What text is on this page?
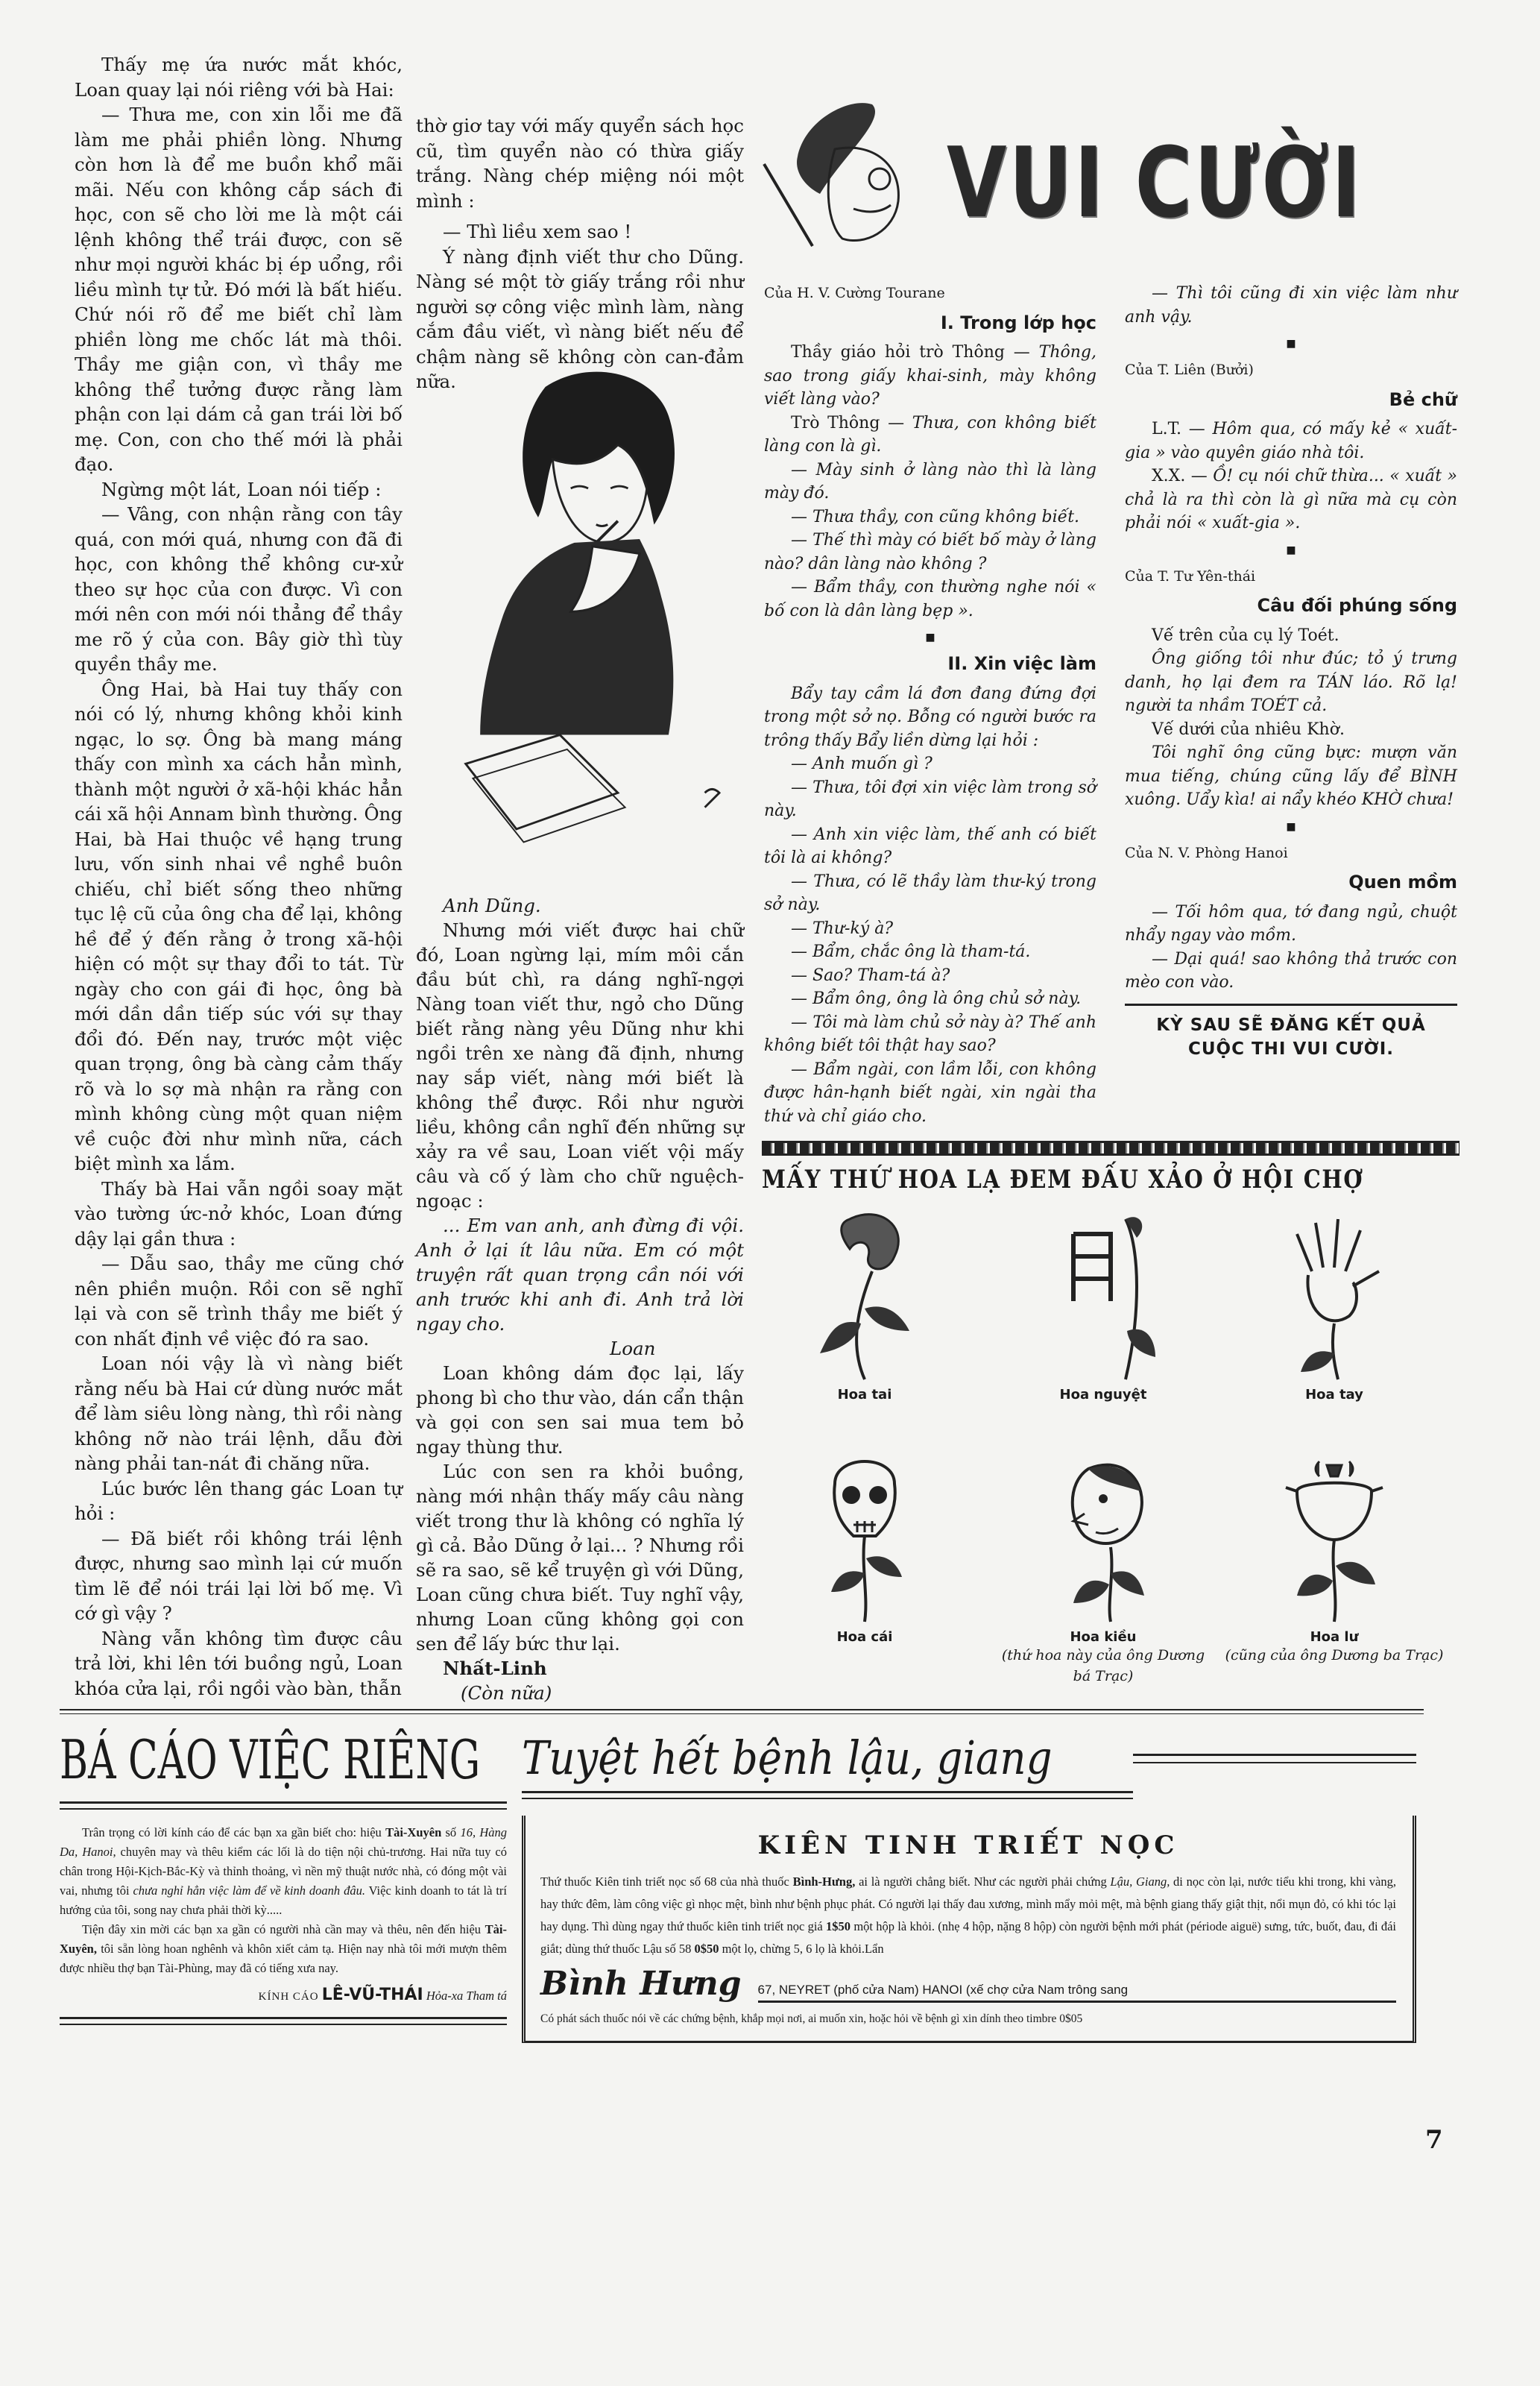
Thấy mẹ ứa nước mắt khóc, Loan quay lại nói riêng với bà Hai:

— Thưa me, con xin lỗi me đã làm me phải phiền lòng. Nhưng còn hơn là để me buồn khổ mãi mãi. Nếu con không cắp sách đi học, con sẽ cho lời me là một cái lệnh không thể trái được, con sẽ như mọi người khác bị ép uổng, rồi liều mình tự tử. Đó mới là bất hiếu. Chứ nói rõ để me biết chỉ làm phiền lòng me chốc lát mà thôi. Thầy me giận con, vì thầy me không thể tưởng được rằng làm phận con lại dám cả gan trái lời bố mẹ. Con, con cho thế mới là phải đạo.

Ngừng một lát, Loan nói tiếp :

— Vâng, con nhận rằng con tây quá, con mới quá, nhưng con đã đi học, con không thể không cư-xử theo sự học của con được. Vì con mới nên con mới nói thẳng để thầy me rõ ý của con. Bây giờ thì tùy quyền thầy me.

Ông Hai, bà Hai tuy thấy con nói có lý, nhưng không khỏi kinh ngạc, lo sợ. Ông bà mang máng thấy con mình xa cách hẳn mình, thành một người ở xã-hội khác hẳn cái xã hội Annam bình thường. Ông Hai, bà Hai thuộc về hạng trung lưu, vốn sinh nhai về nghề buôn chiếu, chỉ biết sống theo những tục lệ cũ của ông cha để lại, không hề để ý đến rằng ở trong xã-hội hiện có một sự thay đổi to tát. Từ ngày cho con gái đi học, ông bà mới dần dần tiếp súc với sự thay đổi đó. Đến nay, trước một việc quan trọng, ông bà càng cảm thấy rõ và lo sợ mà nhận ra rằng con mình không cùng một quan niệm về cuộc đời như mình nữa, cách biệt mình xa lắm.

Thấy bà Hai vẫn ngồi soay mặt vào tường ức-nở khóc, Loan đứng dậy lại gần thưa :

— Dẫu sao, thầy me cũng chớ nên phiền muộn. Rồi con sẽ nghĩ lại và con sẽ trình thầy me biết ý con nhất định về việc đó ra sao.

Loan nói vậy là vì nàng biết rằng nếu bà Hai cứ dùng nước mắt để làm siêu lòng nàng, thì rồi nàng không nỡ nào trái lệnh, dẫu đời nàng phải tan-nát đi chăng nữa.

Lúc bước lên thang gác Loan tự hỏi :

— Đã biết rồi không trái lệnh được, nhưng sao mình lại cứ muốn tìm lẽ để nói trái lại lời bố mẹ. Vì cớ gì vậy ?

Nàng vẫn không tìm được câu trả lời, khi lên tới buồng ngủ, Loan khóa cửa lại, rồi ngồi vào bàn, thẫn

thờ giơ tay với mấy quyển sách học cũ, tìm quyển nào có thừa giấy trắng. Nàng chép miệng nói một mình :

— Thì liều xem sao !

Ý nàng định viết thư cho Dũng. Nàng sé một tờ giấy trắng rồi như người sợ công việc mình làm, nàng cắm đầu viết, vì nàng biết nếu để chậm nàng sẽ không còn can-đảm nữa.

Anh Dũng.

Nhưng mới viết được hai chữ đó, Loan ngừng lại, mím môi cắn đầu bút chì, ra dáng nghĩ-ngợi Nàng toan viết thư, ngỏ cho Dũng biết rằng nàng yêu Dũng như khi ngồi trên xe nàng đã định, nhưng nay sắp viết, nàng mới biết là không thể được. Rồi như người liều, không cần nghĩ đến những sự xảy ra về sau, Loan viết vội mấy câu và cố ý làm cho chữ nguệch-ngoạc :

... Em van anh, anh đừng đi vội. Anh ở lại ít lâu nữa. Em có một truyện rất quan trọng cần nói với anh trước khi anh đi. Anh trả lời ngay cho.

Loan

Loan không dám đọc lại, lấy phong bì cho thư vào, dán cẩn thận và gọi con sen sai mua tem bỏ ngay thùng thư.

Lúc con sen ra khỏi buồng, nàng mới nhận thấy mấy câu nàng viết trong thư là không có nghĩa lý gì cả. Bảo Dũng ở lại... ? Nhưng rồi sẽ ra sao, sẽ kể truyện gì với Dũng, Loan cũng chưa biết. Tuy nghĩ vậy, nhưng Loan cũng không gọi con sen để lấy bức thư lại.

Nhất-Linh

(Còn nữa)

VUI CƯỜI

Của H. V. Cường Tourane

I. Trong lớp học

Thầy giáo hỏi trò Thông — Thông, sao trong giấy khai-sinh, mày không viết làng vào?

Trò Thông — Thưa, con không biết làng con là gì.

— Mày sinh ở làng nào thì là làng mày đó.

— Thưa thầy, con cũng không biết.

— Thế thì mày có biết bố mày ở làng nào? dân làng nào không ?

— Bẩm thầy, con thường nghe nói « bố con là dân làng bẹp ».

■

II. Xin việc làm

Bẩy tay cầm lá đơn đang đứng đợi trong một sở nọ. Bỗng có người bước ra trông thấy Bẩy liền dừng lại hỏi :

— Anh muốn gì ?

— Thưa, tôi đợi xin việc làm trong sở này.

— Anh xin việc làm, thế anh có biết tôi là ai không?

— Thưa, có lẽ thầy làm thư-ký trong sở này.

— Thư-ký à?

— Bẩm, chắc ông là tham-tá.

— Sao? Tham-tá à?

— Bẩm ông, ông là ông chủ sở này.

— Tôi mà làm chủ sở này à? Thế anh không biết tôi thật hay sao?

— Bẩm ngài, con lầm lỗi, con không được hân-hạnh biết ngài, xin ngài tha thứ và chỉ giáo cho.

— Thì tôi cũng đi xin việc làm như anh vậy.

■

Của T. Liên (Bưởi)

Bẻ chữ

L.T. — Hôm qua, có mấy kẻ « xuất-gia » vào quyên giáo nhà tôi.

X.X. — Ồ! cụ nói chữ thừa... « xuất » chả là ra thì còn là gì nữa mà cụ còn phải nói « xuất-gia ».

■

Của T. Tư Yên-thái

Câu đối phúng sống

Vế trên của cụ lý Toét.

Ông giống tôi như đúc; tỏ ý trưng danh, họ lại đem ra TÁN láo. Rõ lạ! người ta nhầm TOÉT cả.

Vế dưới của nhiêu Khờ.

Tôi nghĩ ông cũng bực: mượn văn mua tiếng, chúng cũng lấy để BÌNH xuông. Uẩy kìa! ai nẩy khéo KHỜ chưa!

■

Của N. V. Phòng Hanoi

Quen mồm

— Tối hôm qua, tớ đang ngủ, chuột nhẩy ngay vào mồm.

— Dại quá! sao không thả trước con mèo con vào.

KỲ SAU SẼ ĐĂNG KẾT QUẢ
CUỘC THI VUI CƯỜI.
MẤY THỨ HOA LẠ ĐEM ĐẤU XẢO Ở HỘI CHỢ
Hoa tai	Hoa nguyệt	Hoa tay
Hoa cái	Hoa kiều
(thứ hoa này của ông Dương bá Trạc)
Hoa lư
(cũng của ông Dương ba Trạc)
BÁ CÁO VIỆC RIÊNG

Trân trọng có lời kính cáo để các bạn xa gần biết cho: hiệu Tài-Xuyên số 16, Hàng Da, Hanoi, chuyên may và thêu kiểm các lối là do tiện nội chủ-trương. Hai nữa tuy có chân trong Hội-Kịch-Bắc-Kỳ và thỉnh thoảng, vì nền mỹ thuật nước nhà, có đóng một vài vai, nhưng tôi chưa nghỉ hẳn việc làm để về kinh doanh đâu. Việc kinh doanh to tát là trí hướng của tôi, song nay chưa phải thời kỳ.....

Tiện đây xin mời các bạn xa gần có người nhà cần may và thêu, nên đến hiệu Tài-Xuyên, tôi sẵn lòng hoan nghênh và khôn xiết cảm tạ. Hiện nay nhà tôi mới mượn thêm được nhiều thợ bạn Tài-Phùng, may đã có tiếng xưa nay.

KÍNH CÁO LÊ-VŨ-THÁI Hỏa-xa Tham tá

Tuyệt hết bệnh lậu, giang
KIÊN TINH TRIẾT NỌC
Thứ thuốc Kiên tinh triết nọc số 68 của nhà thuốc Bình-Hưng, ai là người chẳng biết. Như các người phải chứng Lậu, Giang, di nọc còn lại, nước tiểu khi trong, khi vàng, hay thức đêm, làm công việc gì nhọc mệt, bình như bệnh phục phát. Có người lại thấy đau xương, mình mẩy mỏi mệt, mà bệnh giang thấy giật thịt, nổi mụn đỏ, có khi tóc lại hay dụng. Thì dùng ngay thứ thuốc kiên tinh triết nọc giá 1$50 một hộp là khỏi. (nhẹ 4 hộp, nặng 8 hộp) còn người bệnh mới phát (période aiguë) sưng, tức, buốt, đau, đi đái giắt; dùng thứ thuốc Lậu số 58 0$50 một lọ, chừng 5, 6 lọ là khỏi.Lẩn
Bình Hưng 67, NEYRET (phố cửa Nam) HANOI (xế chợ cửa Nam trông sang
Có phát sách thuốc nói về các chứng bệnh, khắp mọi nơi, ai muốn xin, hoặc hỏi về bệnh gì xin dính theo timbre 0$05
7
